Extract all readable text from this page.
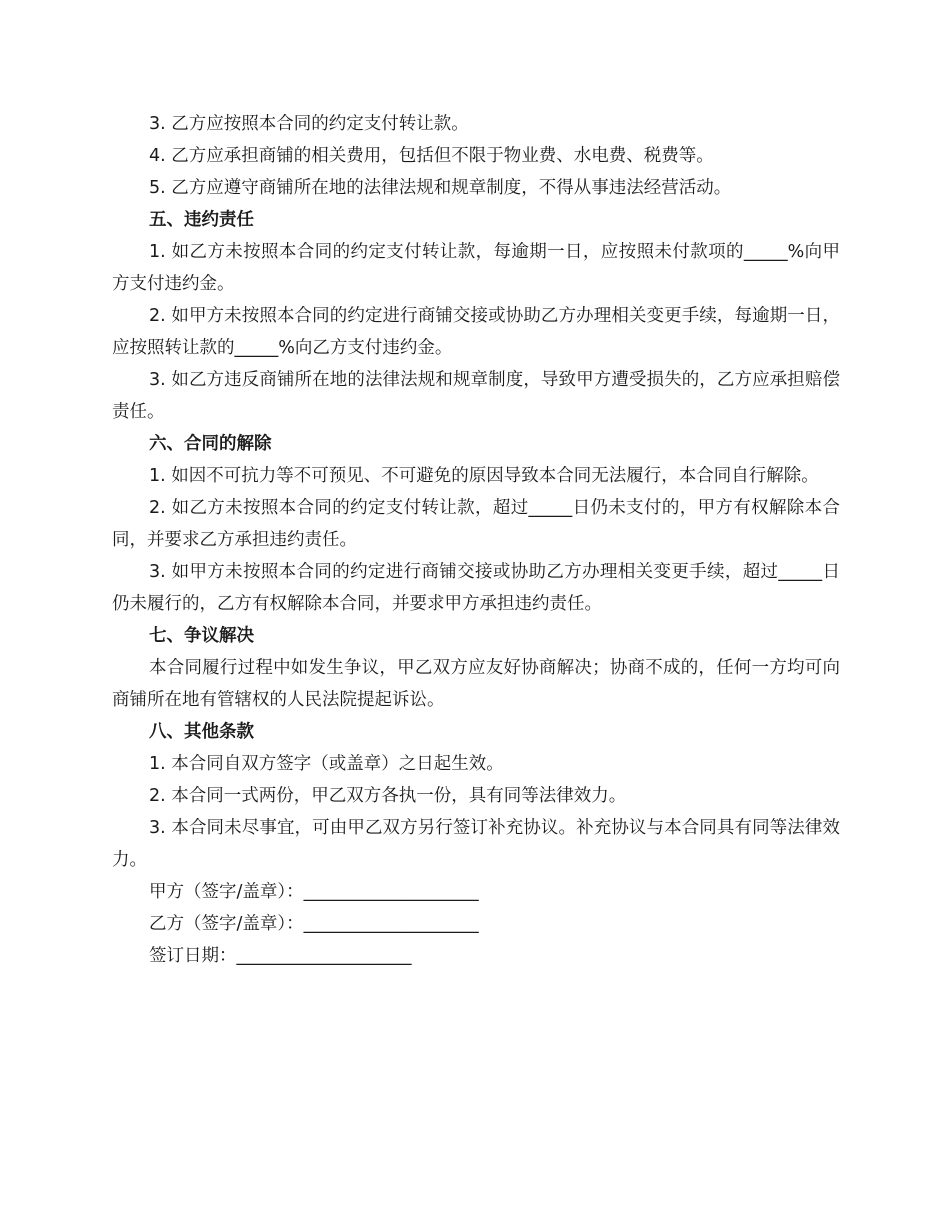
3. 乙方应按照本合同的约定支付转让款。

4. 乙方应承担商铺的相关费用，包括但不限于物业费、水电费、税费等。

5. 乙方应遵守商铺所在地的法律法规和规章制度，不得从事违法经营活动。

五、违约责任

1. 如乙方未按照本合同的约定支付转让款，每逾期一日，应按照未付款项的_____%向甲方支付违约金。

2. 如甲方未按照本合同的约定进行商铺交接或协助乙方办理相关变更手续，每逾期一日，应按照转让款的_____%向乙方支付违约金。

3. 如乙方违反商铺所在地的法律法规和规章制度，导致甲方遭受损失的，乙方应承担赔偿责任。

六、合同的解除

1. 如因不可抗力等不可预见、不可避免的原因导致本合同无法履行，本合同自行解除。

2. 如乙方未按照本合同的约定支付转让款，超过_____日仍未支付的，甲方有权解除本合同，并要求乙方承担违约责任。

3. 如甲方未按照本合同的约定进行商铺交接或协助乙方办理相关变更手续，超过_____日仍未履行的，乙方有权解除本合同，并要求甲方承担违约责任。

七、争议解决

本合同履行过程中如发生争议，甲乙双方应友好协商解决；协商不成的，任何一方均可向商铺所在地有管辖权的人民法院提起诉讼。

八、其他条款

1. 本合同自双方签字（或盖章）之日起生效。

2. 本合同一式两份，甲乙双方各执一份，具有同等法律效力。

3. 本合同未尽事宜，可由甲乙双方另行签订补充协议。补充协议与本合同具有同等法律效力。

甲方（签字/盖章）：____________________

乙方（签字/盖章）：____________________

签订日期：____________________
